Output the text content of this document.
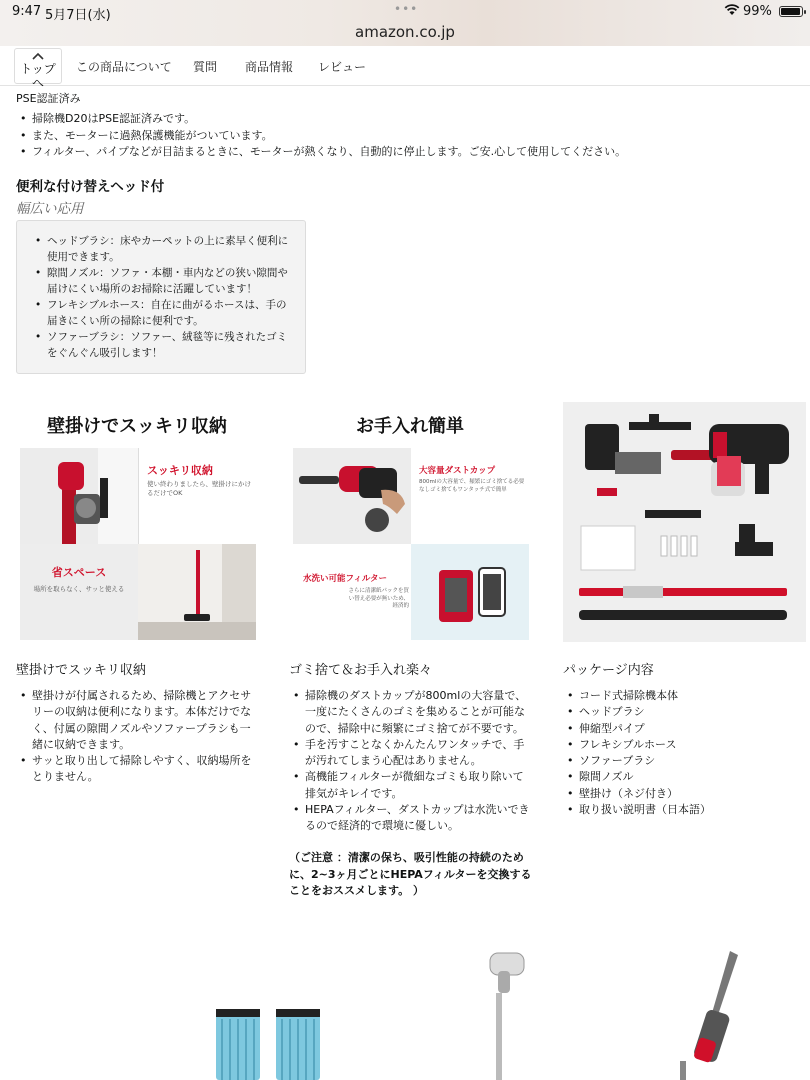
9:47 5月7日(水)	•••
amazon.co.jp
99%
トップへ
この商品について 質問 商品情報 レビュー
PSE認証済み
• 掃除機D20はPSE認証済みです。
• また、モーターに過熱保護機能がついています。
• フィルター、パイプなどが目詰まるときに、モーターが熱くなり、自動的に停止します。ご安.心して使用してください。
便利な付け替えヘッド付
幅広い応用
• ヘッドブラシ：床やカーペットの上に素早く便利に使用できます。
• 隙間ノズル：ソファ・本棚・車内などの狭い隙間や届けにくい場所のお掃除に活躍しています！
• フレキシブルホース：自在に曲がるホースは、手の届きにくい所の掃除に便利です。
• ソファーブラシ：ソファー、絨毯等に残されたゴミをぐんぐん吸引します！
壁掛けでスッキリ収納
スッキリ収納
使い終わりましたら、壁掛けにかけるだけでOK
省スペース
場所を取らなく、サッと使える
お手入れ簡単
大容量ダストカップ
800mlの大容量で、頻繁にゴミ捨てる必要なしゴミ捨てもワンタッチ式で簡単
水洗い可能フィルター
さらに清潔紙パックを買い替え必要が無いため、経済的
壁掛けでスッキリ収納	ゴミ捨て＆お手入れ楽々	パッケージ内容
• 壁掛けが付属されるため、掃除機とアクセサリーの収納は便利になります。本体だけでなく、付属の隙間ノズルやソファーブラシも一緒に収納できます。
• サッと取り出して掃除しやすく、収納場所をとりません。
• 掃除機のダストカップが800mlの大容量で、一度にたくさんのゴミを集めることが可能なので、掃除中に頻繁にゴミ捨てが不要です。
• 手を汚すことなくかんたんワンタッチで、手が汚れてしまう心配はありません。
• 高機能フィルターが微細なゴミも取り除いて排気がキレイです。
• HEPAフィルター、ダストカップは水洗いできるので経済的で環境に優しい。
• コード式掃除機本体
• ヘッドブラシ
• 伸縮型パイプ
• フレキシブルホース
• ソファーブラシ
• 隙間ノズル
• 壁掛け（ネジ付き）
• 取り扱い説明書（日本語）
（ご注意 ：清潔の保ち、吸引性能の持続のために、2~3ヶ月ごとにHEPAフィルターを交換することをおススメします。 ）
